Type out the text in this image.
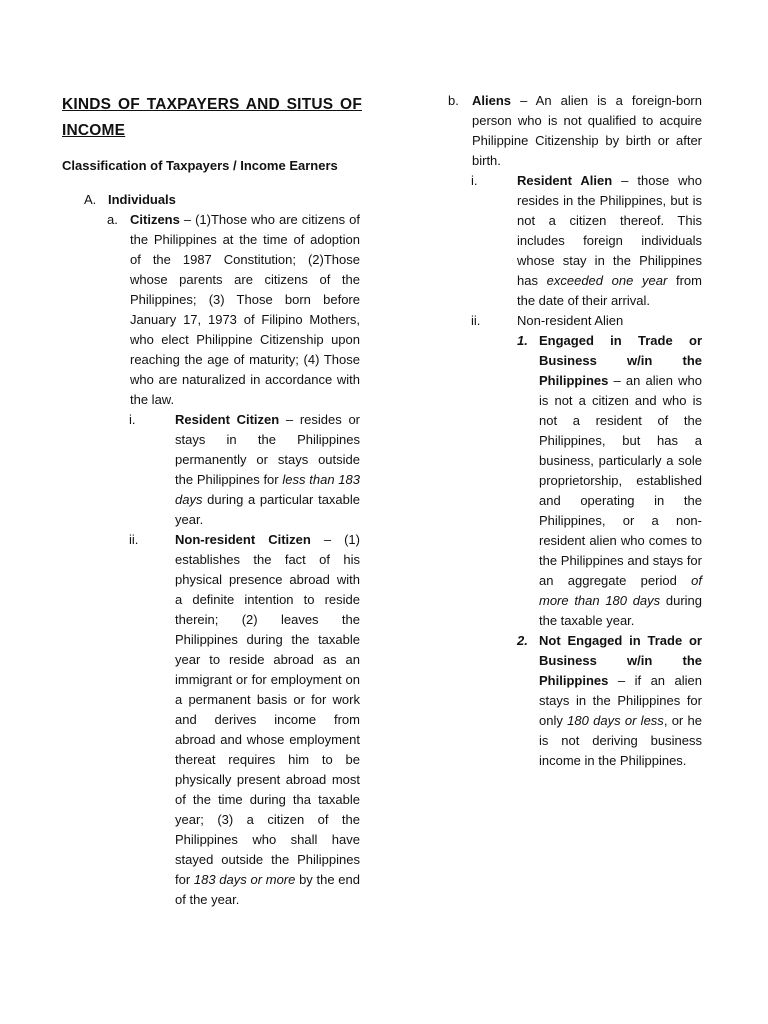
KINDS OF TAXPAYERS AND SITUS OF INCOME
Classification of Taxpayers / Income Earners
A. Individuals
a. Citizens – (1)Those who are citizens of the Philippines at the time of adoption of the 1987 Constitution; (2)Those whose parents are citizens of the Philippines; (3) Those born before January 17, 1973 of Filipino Mothers, who elect Philippine Citizenship upon reaching the age of maturity; (4) Those who are naturalized in accordance with the law.
i.	Resident Citizen – resides or stays in the Philippines permanently or stays outside the Philippines for less than 183 days during a particular taxable year.
ii.	Non-resident Citizen – (1) establishes the fact of his physical presence abroad with a definite intention to reside therein; (2) leaves the Philippines during the taxable year to reside abroad as an immigrant or for employment on a permanent basis or for work and derives income from abroad and whose employment thereat requires him to be physically present abroad most of the time during tha taxable year; (3) a citizen of the Philippines who shall have stayed outside the Philippines for 183 days or more by the end of the year.
b.	Aliens – An alien is a foreign-born person who is not qualified to acquire Philippine Citizenship by birth or after birth.
i.	Resident Alien – those who resides in the Philippines, but is not a citizen thereof. This includes foreign individuals whose stay in the Philippines has exceeded one year from the date of their arrival.
ii.	Non-resident Alien
1. Engaged in Trade or Business w/in the Philippines – an alien who is not a citizen and who is not a resident of the Philippines, but has a business, particularly a sole proprietorship, established and operating in the Philippines, or a non-resident alien who comes to the Philippines and stays for an aggregate period of more than 180 days during the taxable year.
2. Not Engaged in Trade or Business w/in the Philippines – if an alien stays in the Philippines for only 180 days or less, or he is not deriving business income in the Philippines.
